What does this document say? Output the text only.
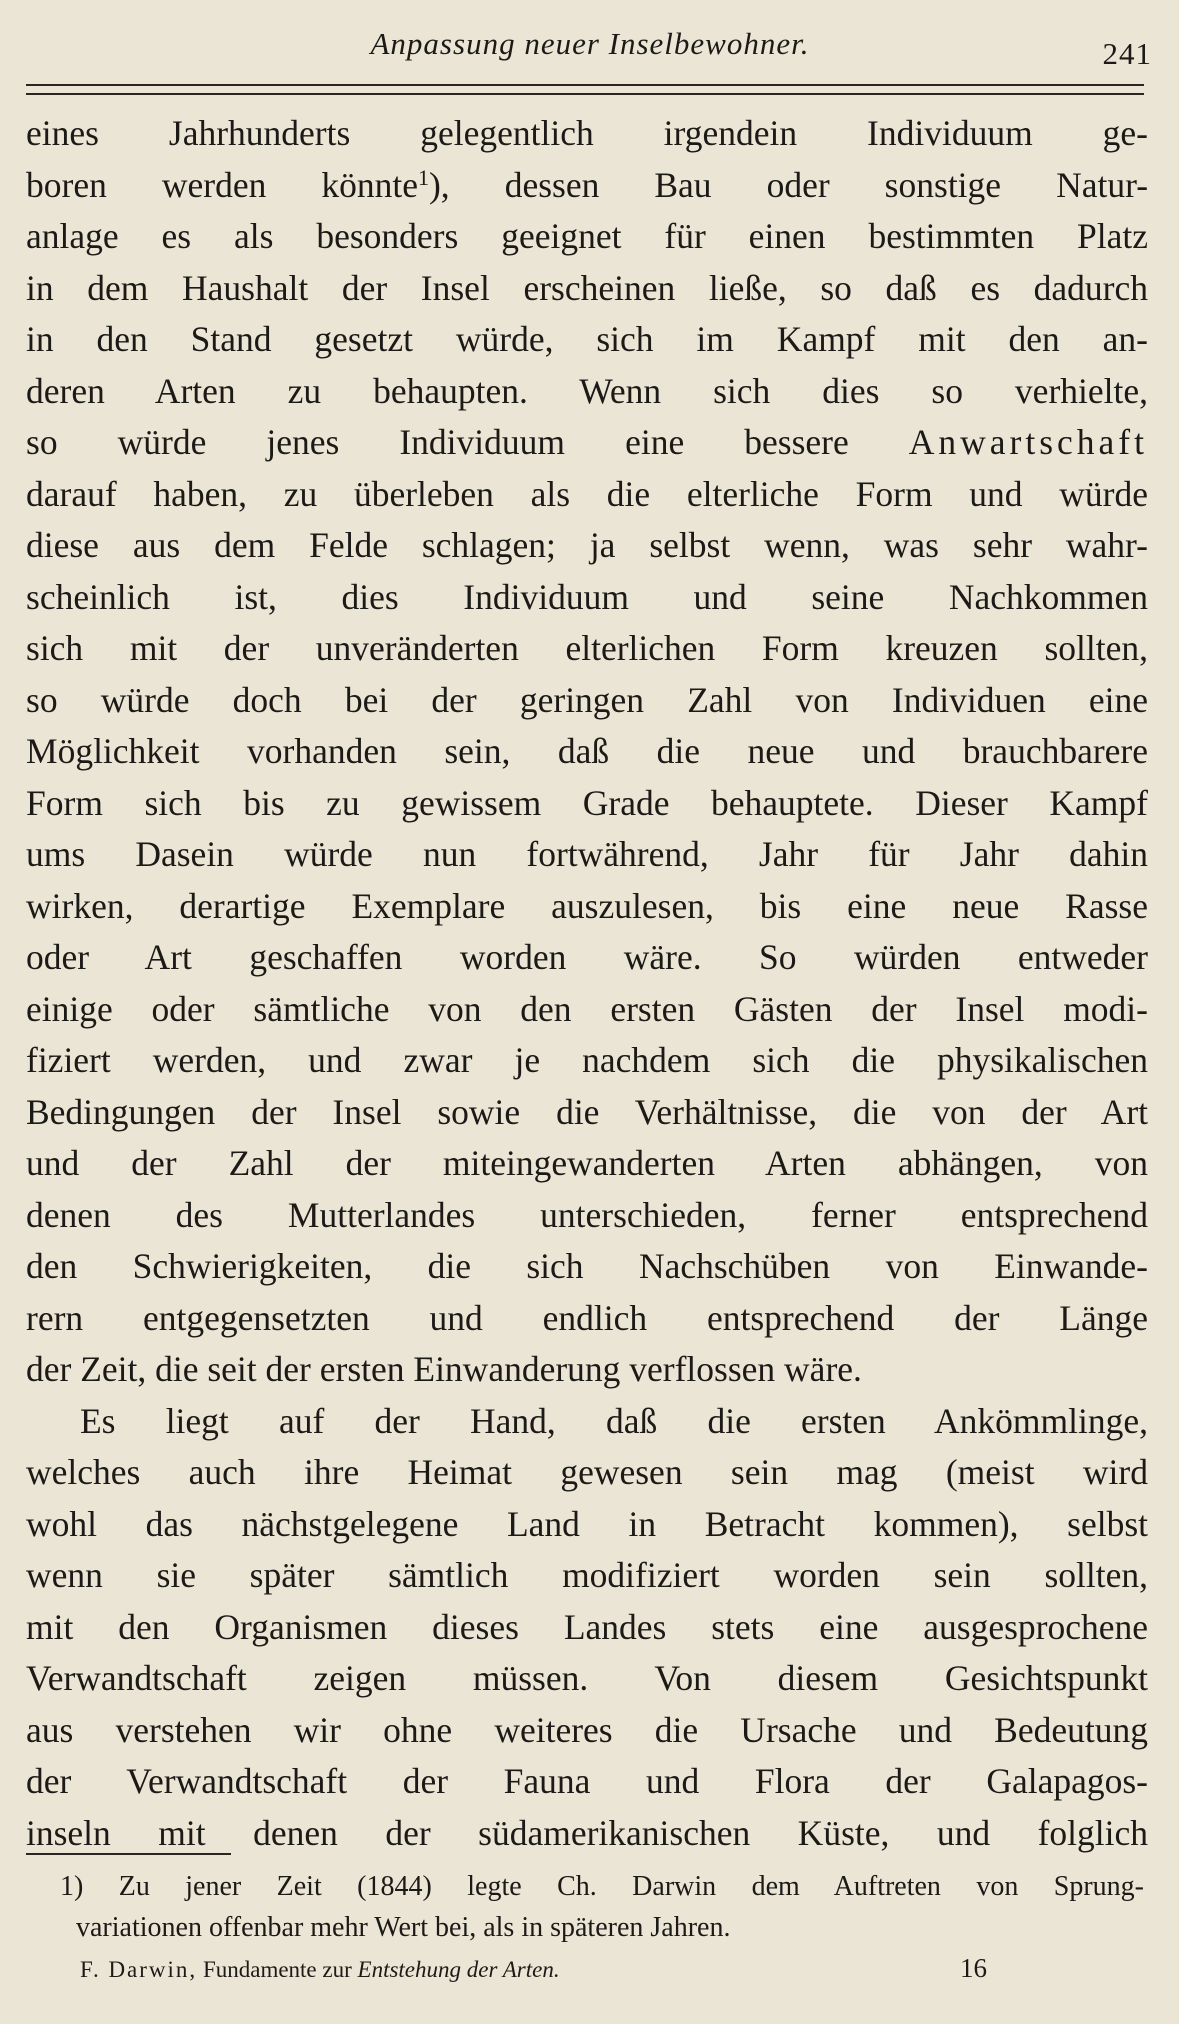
Anpassung neuer Inselbewohner.	241
eines Jahrhunderts gelegentlich irgendein Individuum ge-
boren werden könnte$^1$), dessen Bau oder sonstige Natur-
anlage es als besonders geeignet für einen bestimmten Platz
in dem Haushalt der Insel erscheinen ließe, so daß es dadurch
in den Stand gesetzt würde, sich im Kampf mit den an-
deren Arten zu behaupten. Wenn sich dies so verhielte,
so würde jenes Individuum eine bessere Anwartschaft
darauf haben, zu überleben als die elterliche Form und würde
diese aus dem Felde schlagen; ja selbst wenn, was sehr wahr-
scheinlich ist, dies Individuum und seine Nachkommen
sich mit der unveränderten elterlichen Form kreuzen sollten,
so würde doch bei der geringen Zahl von Individuen eine
Möglichkeit vorhanden sein, daß die neue und brauchbarere
Form sich bis zu gewissem Grade behauptete. Dieser Kampf
ums Dasein würde nun fortwährend, Jahr für Jahr dahin
wirken, derartige Exemplare auszulesen, bis eine neue Rasse
oder Art geschaffen worden wäre. So würden entweder
einige oder sämtliche von den ersten Gästen der Insel modi-
fiziert werden, und zwar je nachdem sich die physikalischen
Bedingungen der Insel sowie die Verhältnisse, die von der Art
und der Zahl der miteingewanderten Arten abhängen, von
denen des Mutterlandes unterschieden, ferner entsprechend
den Schwierigkeiten, die sich Nachschüben von Einwande-
rern entgegensetzten und endlich entsprechend der Länge
der Zeit, die seit der ersten Einwanderung verflossen wäre.
Es liegt auf der Hand, daß die ersten Ankömmlinge,
welches auch ihre Heimat gewesen sein mag (meist wird
wohl das nächstgelegene Land in Betracht kommen), selbst
wenn sie später sämtlich modifiziert worden sein sollten,
mit den Organismen dieses Landes stets eine ausgesprochene
Verwandtschaft zeigen müssen. Von diesem Gesichtspunkt
aus verstehen wir ohne weiteres die Ursache und Bedeutung
der Verwandtschaft der Fauna und Flora der Galapagos-
inseln mit denen der südamerikanischen Küste, und folglich
1) Zu jener Zeit (1844) legte Ch. Darwin dem Auftreten von Sprung-
variationen offenbar mehr Wert bei, als in späteren Jahren.
F. Darwin, Fundamente zur Entstehung der Arten.	16
